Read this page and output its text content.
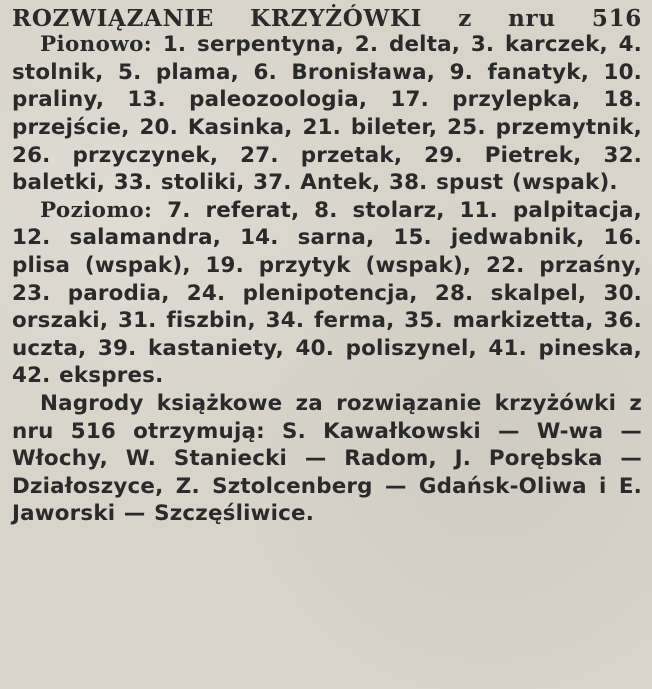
ROZWIĄZANIE KRZYŻÓWKI z nru 516

Pionowo: 1. serpentyna, 2. delta, 3. karczek, 4. stolnik, 5. plama, 6. Bronisława, 9. fanatyk, 10. praliny, 13. paleozoologia, 17. przylepka, 18. przejście, 20. Kasinka, 21. bileter, 25. przemytnik, 26. przyczynek, 27. przetak, 29. Pietrek, 32. baletki, 33. stoliki, 37. Antek, 38. spust (wspak).

Poziomo: 7. referat, 8. stolarz, 11. palpitacja, 12. salamandra, 14. sarna, 15. jedwabnik, 16. plisa (wspak), 19. przytyk (wspak), 22. przaśny, 23. parodia, 24. plenipotencja, 28. skalpel, 30. orszaki, 31. fiszbin, 34. ferma, 35. markizetta, 36. uczta, 39. kastaniety, 40. poliszynel, 41. pineska, 42. ekspres.

Nagrody książkowe za rozwiązanie krzyżówki z nru 516 otrzymują: S. Kawałkowski — W-wa — Włochy, W. Staniecki — Radom, J. Porębska — Działoszyce, Z. Sztolcenberg — Gdańsk-Oliwa i E. Jaworski — Szczęśliwice.
